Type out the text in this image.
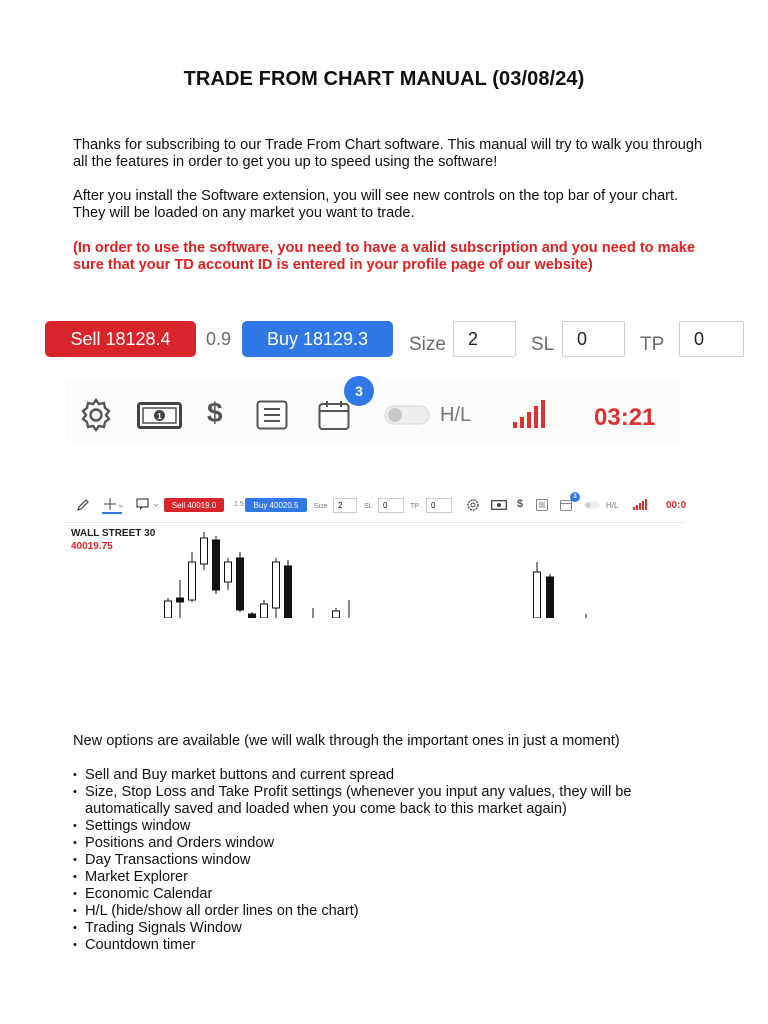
TRADE FROM CHART MANUAL (03/08/24)
Thanks for subscribing to our Trade From Chart software. This manual will try to walk you through all the features in order to get you up to speed using the software!
After you install the Software extension, you will see new controls on the top bar of your chart. They will be loaded on any market you want to trade.
(In order to use the software, you need to have a valid subscription and you need to make sure that your TD account ID is entered in your profile page of our website)
Sell 18128.4	0.9	Buy 18129.3	Size	2	SL	0	TP	0
1 $
3
H/L	03:21
Sell 40019.0	1.5	Buy 40020.5	Size	2	SL	0	TP	0	$
3
H/L	00:0
WALL STREET 30
40019.75
New options are available (we will walk through the important ones in just a moment)
• Sell and Buy market buttons and current spread
• Size, Stop Loss and Take Profit settings (whenever you input any values, they will be automatically saved and loaded when you come back to this market again)
• Settings window
• Positions and Orders window
• Day Transactions window
• Market Explorer
• Economic Calendar
• H/L (hide/show all order lines on the chart)
• Trading Signals Window
• Countdown timer
